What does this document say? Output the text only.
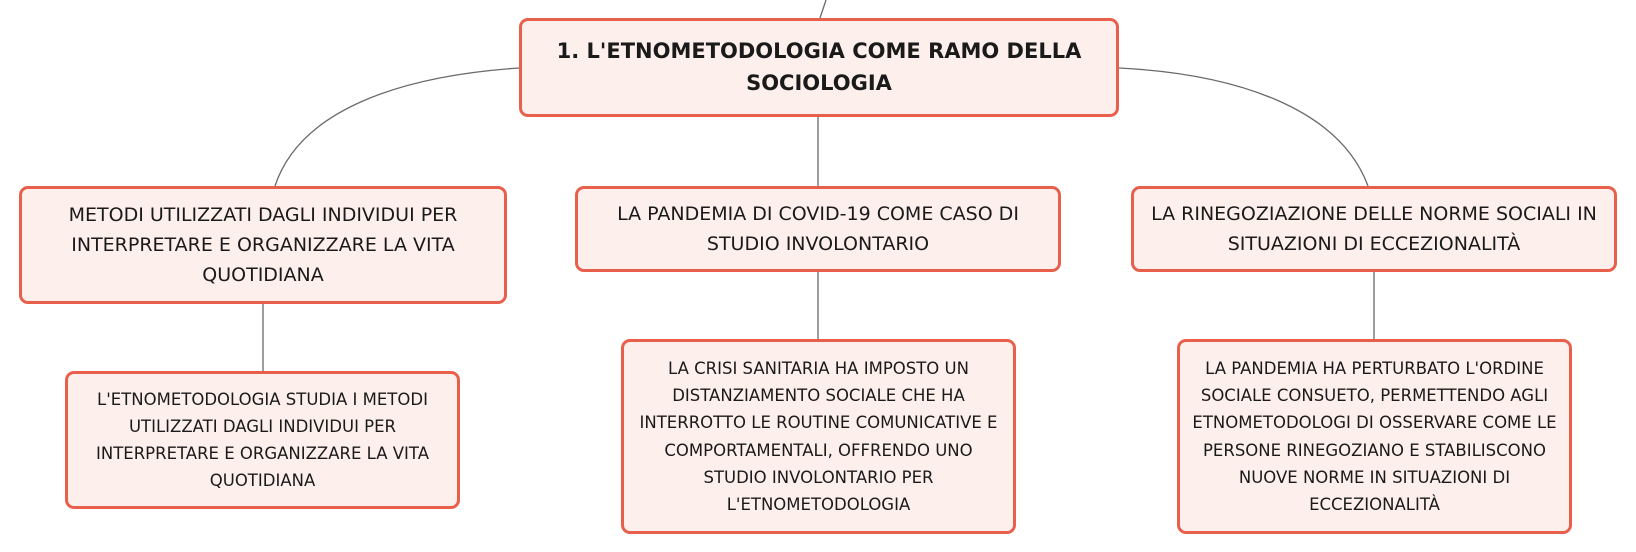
1. L'ETNOMETODOLOGIA COME RAMO DELLA SOCIOLOGIA
METODI UTILIZZATI DAGLI INDIVIDUI PER INTERPRETARE E ORGANIZZARE LA VITA QUOTIDIANA
LA PANDEMIA DI COVID-19 COME CASO DI STUDIO INVOLONTARIO
LA RINEGOZIAZIONE DELLE NORME SOCIALI IN SITUAZIONI DI ECCEZIONALITÀ
L'ETNOMETODOLOGIA STUDIA I METODI UTILIZZATI DAGLI INDIVIDUI PER INTERPRETARE E ORGANIZZARE LA VITA QUOTIDIANA
LA CRISI SANITARIA HA IMPOSTO UN DISTANZIAMENTO SOCIALE CHE HA INTERROTTO LE ROUTINE COMUNICATIVE E COMPORTAMENTALI, OFFRENDO UNO STUDIO INVOLONTARIO PER L'ETNOMETODOLOGIA
LA PANDEMIA HA PERTURBATO L'ORDINE SOCIALE CONSUETO, PERMETTENDO AGLI ETNOMETODOLOGI DI OSSERVARE COME LE PERSONE RINEGOZIANO E STABILISCONO NUOVE NORME IN SITUAZIONI DI ECCEZIONALITÀ
